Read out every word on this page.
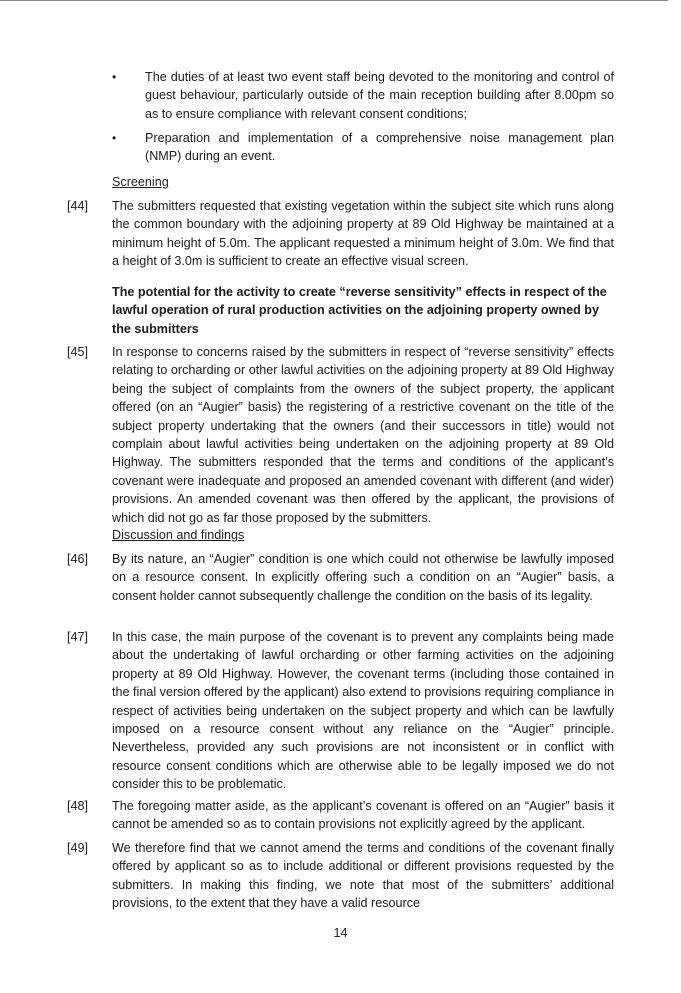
• The duties of at least two event staff being devoted to the monitoring and control of guest behaviour, particularly outside of the main reception building after 8.00pm so as to ensure compliance with relevant consent conditions;
• Preparation and implementation of a comprehensive noise management plan (NMP) during an event.
Screening
[44] The submitters requested that existing vegetation within the subject site which runs along the common boundary with the adjoining property at 89 Old Highway be maintained at a minimum height of 5.0m. The applicant requested a minimum height of 3.0m. We find that a height of 3.0m is sufficient to create an effective visual screen.
The potential for the activity to create “reverse sensitivity” effects in respect of the lawful operation of rural production activities on the adjoining property owned by the submitters
[45] In response to concerns raised by the submitters in respect of “reverse sensitivity” effects relating to orcharding or other lawful activities on the adjoining property at 89 Old Highway being the subject of complaints from the owners of the subject property, the applicant offered (on an “Augier” basis) the registering of a restrictive covenant on the title of the subject property undertaking that the owners (and their successors in title) would not complain about lawful activities being undertaken on the adjoining property at 89 Old Highway. The submitters responded that the terms and conditions of the applicant’s covenant were inadequate and proposed an amended covenant with different (and wider) provisions. An amended covenant was then offered by the applicant, the provisions of which did not go as far those proposed by the submitters.
Discussion and findings
[46] By its nature, an “Augier” condition is one which could not otherwise be lawfully imposed on a resource consent. In explicitly offering such a condition on an “Augier” basis, a consent holder cannot subsequently challenge the condition on the basis of its legality.
[47] In this case, the main purpose of the covenant is to prevent any complaints being made about the undertaking of lawful orcharding or other farming activities on the adjoining property at 89 Old Highway. However, the covenant terms (including those contained in the final version offered by the applicant) also extend to provisions requiring compliance in respect of activities being undertaken on the subject property and which can be lawfully imposed on a resource consent without any reliance on the “Augier” principle. Nevertheless, provided any such provisions are not inconsistent or in conflict with resource consent conditions which are otherwise able to be legally imposed we do not consider this to be problematic.
[48] The foregoing matter aside, as the applicant’s covenant is offered on an “Augier” basis it cannot be amended so as to contain provisions not explicitly agreed by the applicant.
[49] We therefore find that we cannot amend the terms and conditions of the covenant finally offered by applicant so as to include additional or different provisions requested by the submitters. In making this finding, we note that most of the submitters’ additional provisions, to the extent that they have a valid resource
14
